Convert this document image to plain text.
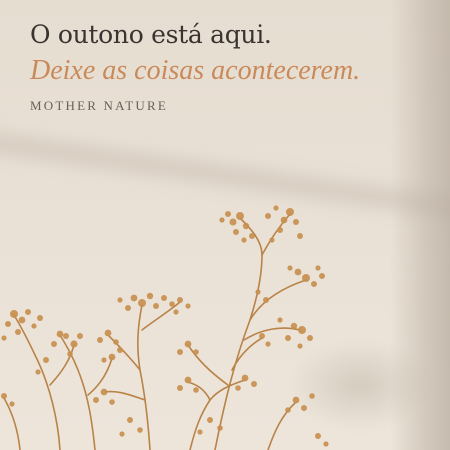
O outono está aqui.
Deixe as coisas acontecerem.
MOTHER NATURE
